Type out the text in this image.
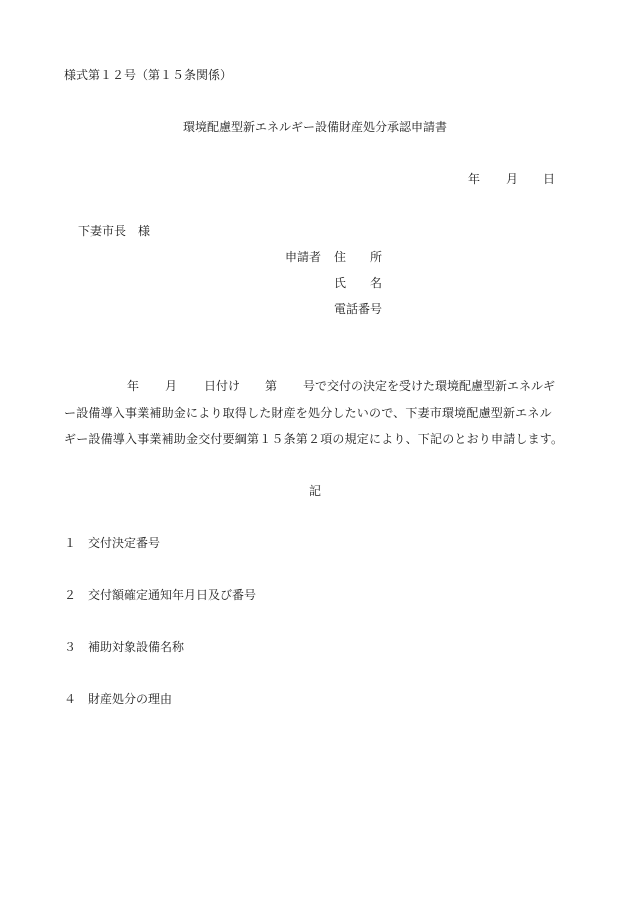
様式第１２号（第１５条関係）
環境配慮型新エネルギー設備財産処分承認申請書
年 月 日
下妻市長　様
申請者 住　　所
氏　　名
電話番号
年 月 日付け 第 号で交付の決定を受けた環境配慮型新エネルギ
ー設備導入事業補助金により取得した財産を処分したいので、下妻市環境配慮型新エネル
ギー設備導入事業補助金交付要綱第１５条第２項の規定により、下記のとおり申請します。
記
１ 交付決定番号
２ 交付額確定通知年月日及び番号
３ 補助対象設備名称
４ 財産処分の理由
